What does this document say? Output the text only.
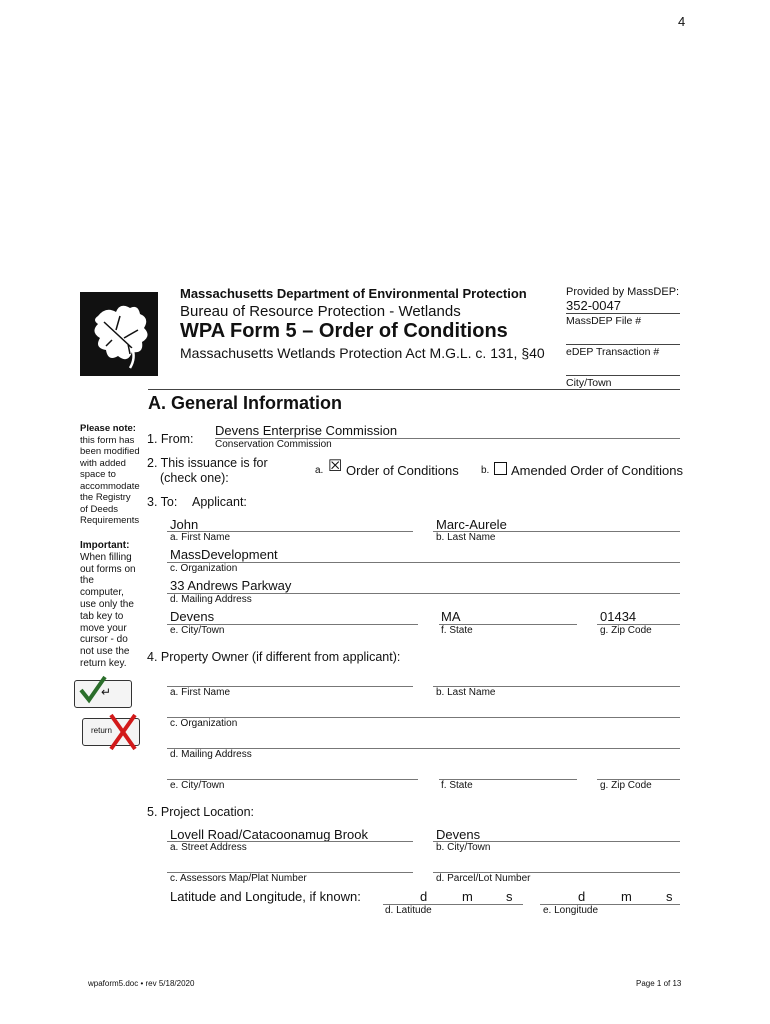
4
Massachusetts Department of Environmental Protection
Bureau of Resource Protection - Wetlands
WPA Form 5 – Order of Conditions
Massachusetts Wetlands Protection Act M.G.L. c. 131, §40
Provided by MassDEP:
352-0047
MassDEP File #
eDEP Transaction #
City/Town
A. General Information
Please note:
this form has
been modified
with added
space to
accommodate
the Registry
of Deeds
Requirements
Important:
When filling
out forms on
the
computer,
use only the
tab key to
move your
cursor - do
not use the
return key.
↵
return
1. From:
Devens Enterprise Commission
Conservation Commission
2. This issuance is for
(check one):
a. ☒ Order of Conditions b. Amended Order of Conditions
3. To: Applicant:
John
a. First Name
Marc-Aurele
b. Last Name
MassDevelopment
c. Organization
33 Andrews Parkway
d. Mailing Address
Devens
e. City/Town
MA
f. State
01434
g. Zip Code
4. Property Owner (if different from applicant):
a. First Name	b. Last Name
c. Organization
d. Mailing Address
e. City/Town	f. State	g. Zip Code
5. Project Location:
Lovell Road/Catacoonamug Brook
a. Street Address
Devens
b. City/Town
c. Assessors Map/Plat Number	d. Parcel/Lot Number
Latitude and Longitude, if known:	d	m	s
d. Latitude
d	m	s
e. Longitude
wpaform5.doc • rev 5/18/2020	Page 1 of 13
